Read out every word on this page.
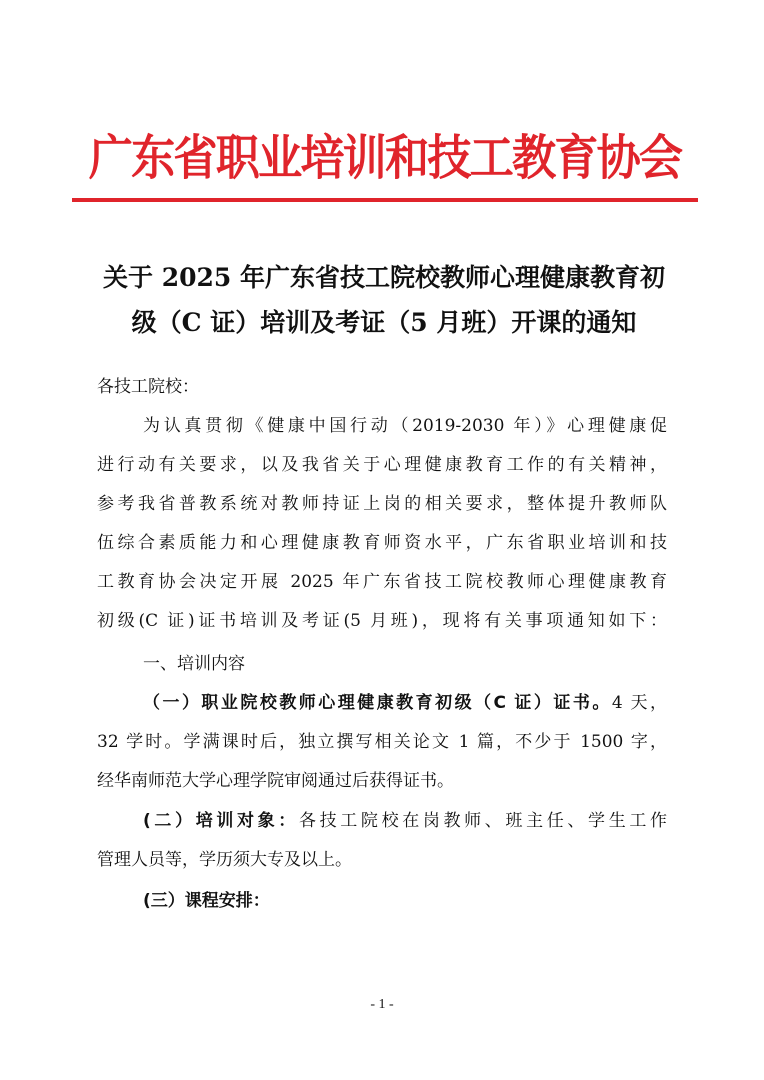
广东省职业培训和技工教育协会
关于 2025 年广东省技工院校教师心理健康教育初
级（C 证）培训及考证（5 月班）开课的通知
各技工院校：
为认真贯彻《健康中国行动（2019-2030 年）》心理健康促
进行动有关要求，以及我省关于心理健康教育工作的有关精神，
参考我省普教系统对教师持证上岗的相关要求，整体提升教师队
伍综合素质能力和心理健康教育师资水平，广东省职业培训和技
工教育协会决定开展 2025 年广东省技工院校教师心理健康教育
初级(C 证)证书培训及考证(5 月班)，现将有关事项通知如下：
一、培训内容
（一）职业院校教师心理健康教育初级（C 证）证书。4 天，
32 学时。学满课时后，独立撰写相关论文 1 篇，不少于 1500 字，
经华南师范大学心理学院审阅通过后获得证书。
(二）培训对象：各技工院校在岗教师、班主任、学生工作
管理人员等，学历须大专及以上。
(三）课程安排：
- 1 -
